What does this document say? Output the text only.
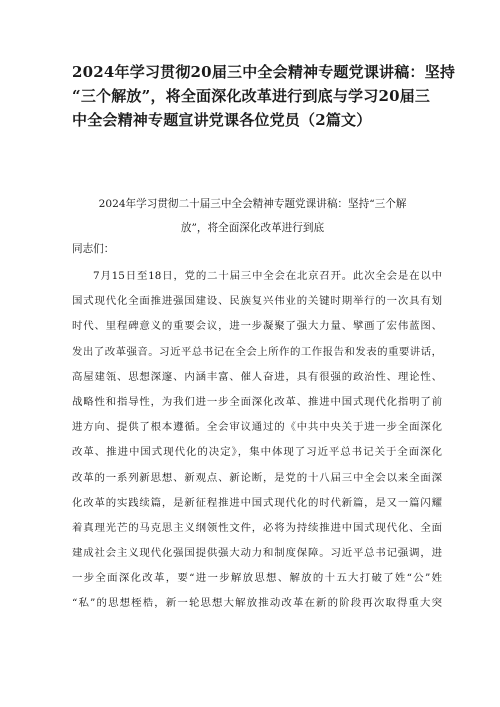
2024年学习贯彻20届三中全会精神专题党课讲稿：坚持
“三个解放”，将全面深化改革进行到底与学习20届三
中全会精神专题宣讲党课各位党员（2篇文）
2024年学习贯彻二十届三中全会精神专题党课讲稿：坚持“三个解
放”，将全面深化改革进行到底
同志们：
7月15日至18日，党的二十届三中全会在北京召开。此次全会是在以中
国式现代化全面推进强国建设、民族复兴伟业的关键时期举行的一次具有划
时代、里程碑意义的重要会议，进一步凝聚了强大力量、擘画了宏伟蓝图、
发出了改革强音。习近平总书记在全会上所作的工作报告和发表的重要讲话，
高屋建瓴、思想深邃、内涵丰富、催人奋进，具有很强的政治性、理论性、
战略性和指导性，为我们进一步全面深化改革、推进中国式现代化指明了前
进方向、提供了根本遵循。全会审议通过的《中共中央关于进一步全面深化
改革、推进中国式现代化的决定》，集中体现了习近平总书记关于全面深化
改革的一系列新思想、新观点、新论断，是党的十八届三中全会以来全面深
化改革的实践续篇，是新征程推进中国式现代化的时代新篇，是又一篇闪耀
着真理光芒的马克思主义纲领性文件，必将为持续推进中国式现代化、全面
建成社会主义现代化强国提供强大动力和制度保障。习近平总书记强调，进
一步全面深化改革，要“进一步解放思想、解放的十五大打破了姓“公”姓
“私”的思想桎梏，新一轮思想大解放推动改革在新的阶段再次取得重大突
